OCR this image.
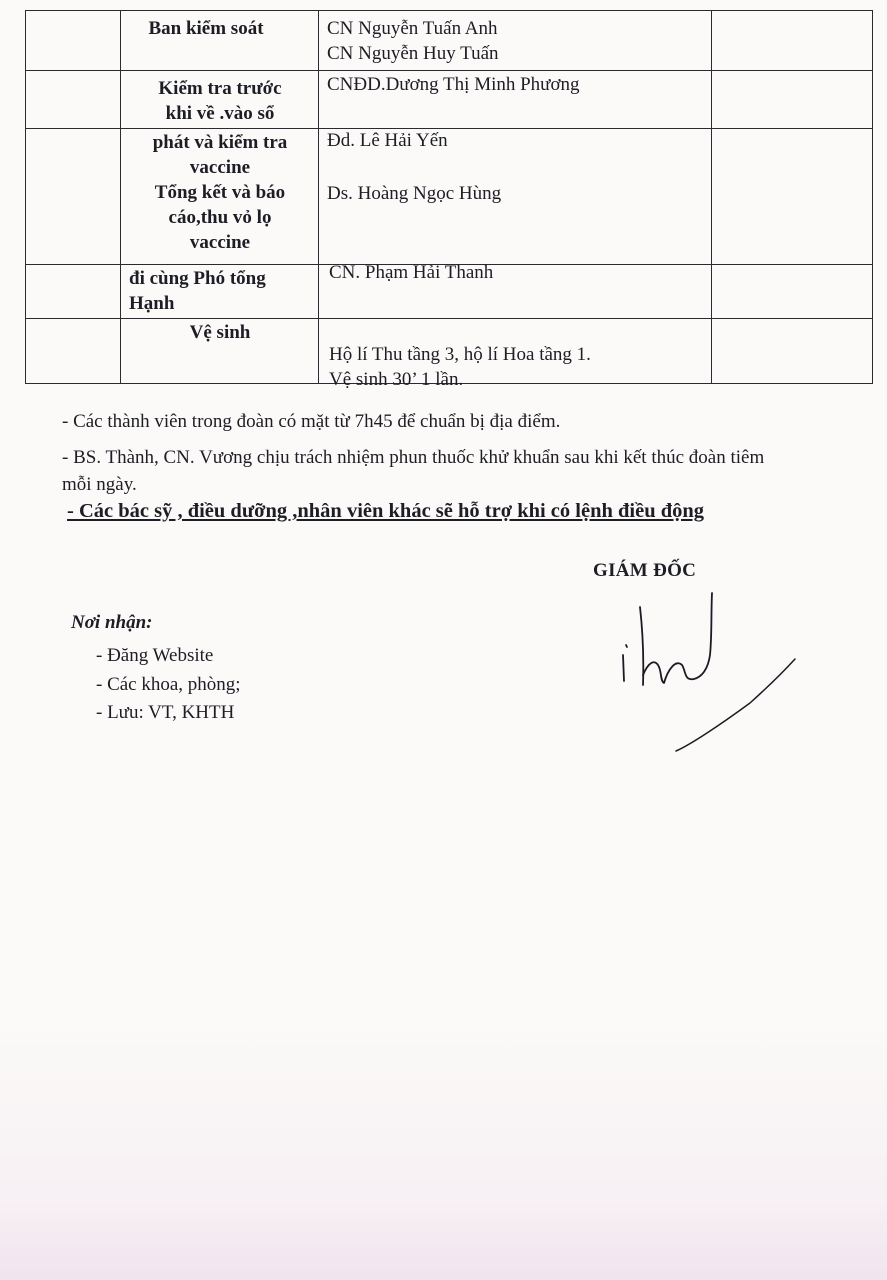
Ban kiểm soát	CN Nguyễn Tuấn Anh
CN Nguyễn Huy Tuấn
Kiểm tra trước
khi về .vào sổ
CNĐD.Dương Thị Minh Phương
phát và kiểm tra
vaccine
Tổng kết và báo
cáo,thu vỏ lọ
vaccine
Đd. Lê Hải Yến
Ds. Hoàng Ngọc Hùng
đi cùng Phó tổng
Hạnh
CN. Phạm Hải Thanh
Vệ sinh
Hộ lí Thu tầng 3, hộ lí Hoa tầng 1.
Vệ sinh 30’ 1 lần.
- Các thành viên trong đoàn có mặt từ 7h45 để chuẩn bị địa điểm.
- BS. Thành, CN. Vương chịu trách nhiệm phun thuốc khử khuẩn sau khi kết thúc đoàn tiêm mỗi ngày.
- Các bác sỹ , điều dưỡng ,nhân viên khác sẽ hỗ trợ khi có lệnh điều động
GIÁM ĐỐC
Nơi nhận:
- Đăng Website
- Các khoa, phòng;
- Lưu: VT, KHTH
